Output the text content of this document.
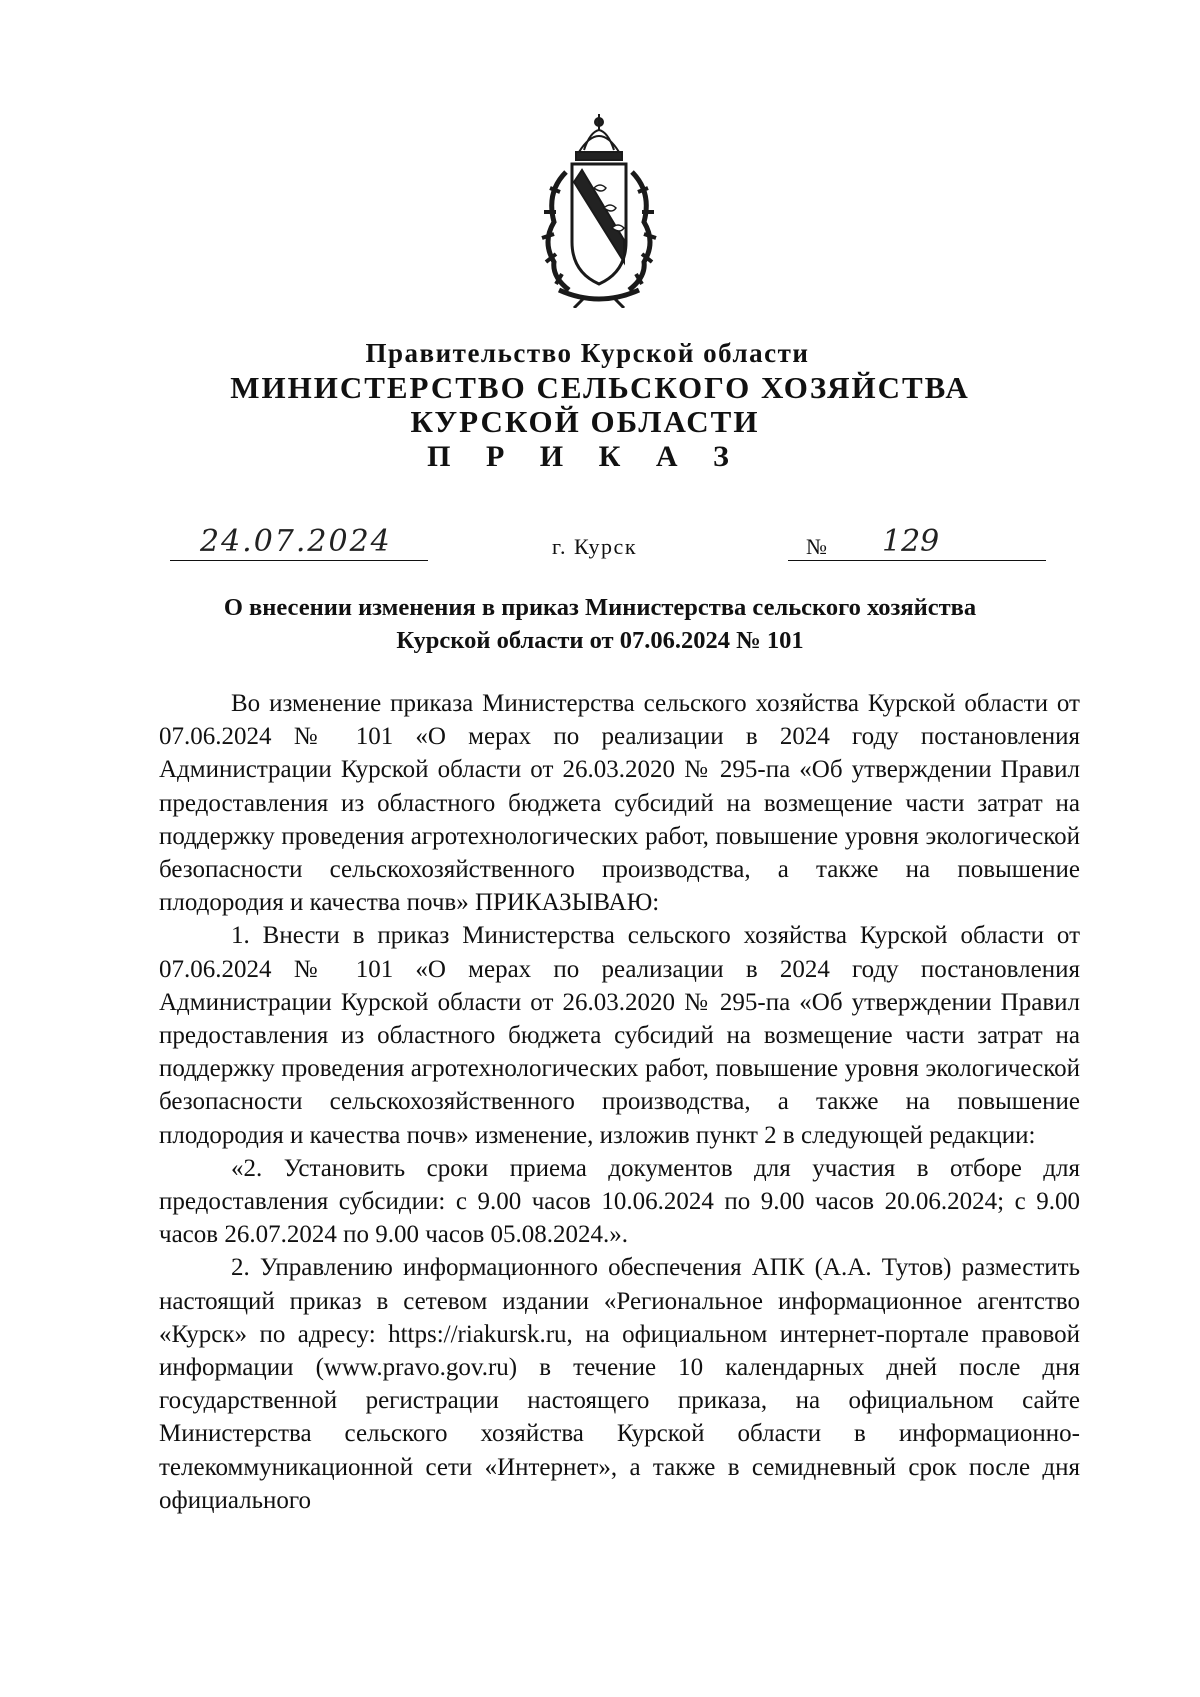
Правительство Курской области
МИНИСТЕРСТВО СЕЛЬСКОГО ХОЗЯЙСТВА
КУРСКОЙ ОБЛАСТИ
П Р И К А З
24.07.2024	г. Курск	№ 129
О внесении изменения в приказ Министерства сельского хозяйства
Курской области от 07.06.2024 № 101

Во изменение приказа Министерства сельского хозяйства Курской области от 07.06.2024 № 101 «О мерах по реализации в 2024 году постановления Администрации Курской области от 26.03.2020 № 295-па «Об утверждении Правил предоставления из областного бюджета субсидий на возмещение части затрат на поддержку проведения агротехнологических работ, повышение уровня экологической безопасности сельскохозяйственного производства, а также на повышение плодородия и качества почв» ПРИКАЗЫВАЮ:

1. Внести в приказ Министерства сельского хозяйства Курской области от 07.06.2024 № 101 «О мерах по реализации в 2024 году постановления Администрации Курской области от 26.03.2020 № 295-па «Об утверждении Правил предоставления из областного бюджета субсидий на возмещение части затрат на поддержку проведения агротехнологических работ, повышение уровня экологической безопасности сельскохозяйственного производства, а также на повышение плодородия и качества почв» изменение, изложив пункт 2 в следующей редакции:

«2. Установить сроки приема документов для участия в отборе для предоставления субсидии: с 9.00 часов 10.06.2024 по 9.00 часов 20.06.2024; с 9.00 часов 26.07.2024 по 9.00 часов 05.08.2024.».

2. Управлению информационного обеспечения АПК (А.А. Тутов) разместить настоящий приказ в сетевом издании «Региональное информационное агентство «Курск» по адресу: https://riakursk.ru, на официальном интернет-портале правовой информации (www.pravo.gov.ru) в течение 10 календарных дней после дня государственной регистрации настоящего приказа, на официальном сайте Министерства сельского хозяйства Курской области в информационно-телекоммуникационной сети «Интернет», а также в семидневный срок после дня официального
